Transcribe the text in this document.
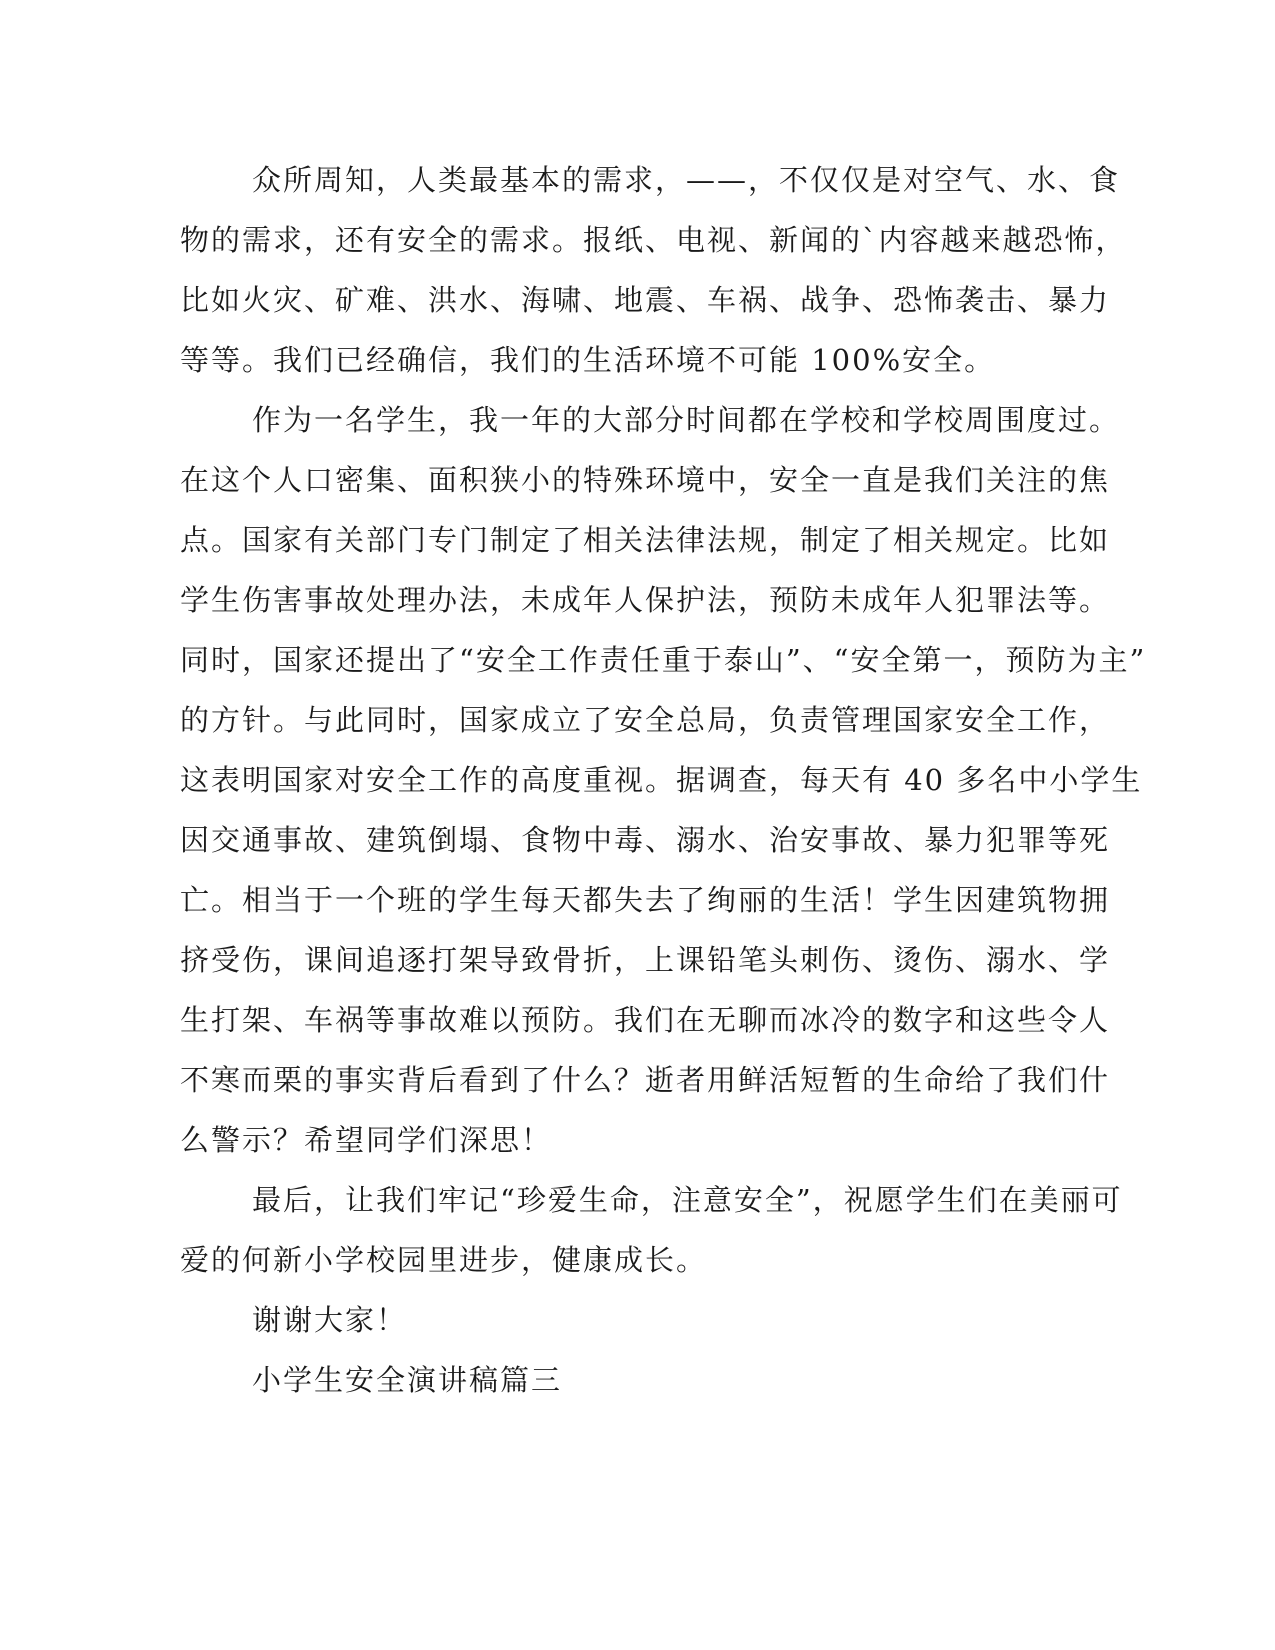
众所周知，人类最基本的需求，——，不仅仅是对空气、水、食
物的需求，还有安全的需求。报纸、电视、新闻的`内容越来越恐怖，
比如火灾、矿难、洪水、海啸、地震、车祸、战争、恐怖袭击、暴力
等等。我们已经确信，我们的生活环境不可能 100%安全。
作为一名学生，我一年的大部分时间都在学校和学校周围度过。
在这个人口密集、面积狭小的特殊环境中，安全一直是我们关注的焦
点。国家有关部门专门制定了相关法律法规，制定了相关规定。比如
学生伤害事故处理办法，未成年人保护法，预防未成年人犯罪法等。
同时，国家还提出了“安全工作责任重于泰山”、“安全第一，预防为主”
的方针。与此同时，国家成立了安全总局，负责管理国家安全工作，
这表明国家对安全工作的高度重视。据调查，每天有 40 多名中小学生
因交通事故、建筑倒塌、食物中毒、溺水、治安事故、暴力犯罪等死
亡。相当于一个班的学生每天都失去了绚丽的生活！学生因建筑物拥
挤受伤，课间追逐打架导致骨折，上课铅笔头刺伤、烫伤、溺水、学
生打架、车祸等事故难以预防。我们在无聊而冰冷的数字和这些令人
不寒而栗的事实背后看到了什么？逝者用鲜活短暂的生命给了我们什
么警示？希望同学们深思！
最后，让我们牢记“珍爱生命，注意安全”，祝愿学生们在美丽可
爱的何新小学校园里进步，健康成长。
谢谢大家！
小学生安全演讲稿篇三
